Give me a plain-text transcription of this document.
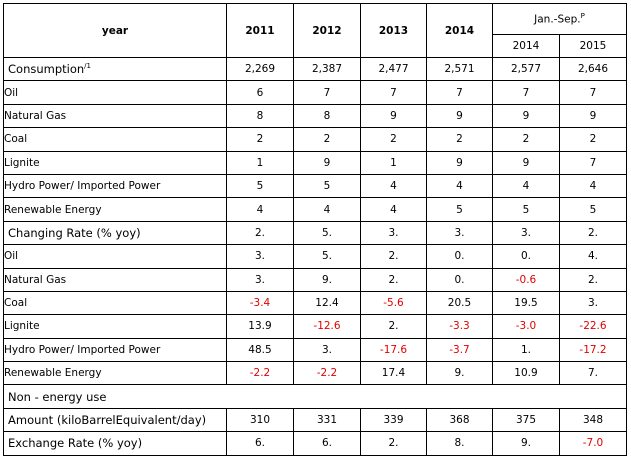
year	2011	2012	2013	2014	Jan.-Sep.$^P$
					2014	2015
Consumption$^{/1}$	2,269	2,387	2,477	2,571	2,577	2,646
Oil	6	7	7	7	7	7
Natural Gas	8	8	9	9	9	9
Coal	2	2	2	2	2	2
Lignite	1	9	1	9	9	7
Hydro Power/ Imported Power	5	5	4	4	4	4
Renewable Energy	4	4	4	5	5	5
Changing Rate (% yoy)	2.	5.	3.	3.	3.	2.
Oil	3.	5.	2.	0.	0.	4.
Natural Gas	3.	9.	2.	0.	-0.6	2.
Coal	-3.4	12.4	-5.6	20.5	19.5	3.
Lignite	13.9	-12.6	2.	-3.3	-3.0	-22.6
Hydro Power/ Imported Power	48.5	3.	-17.6	-3.7	1.	-17.2
Renewable Energy	-2.2	-2.2	17.4	9.	10.9	7.
Non - energy use						
Amount (kiloBarrelEquivalent/day)	310	331	339	368	375	348
Exchange Rate (% yoy)	6.	6.	2.	8.	9.	-7.0
